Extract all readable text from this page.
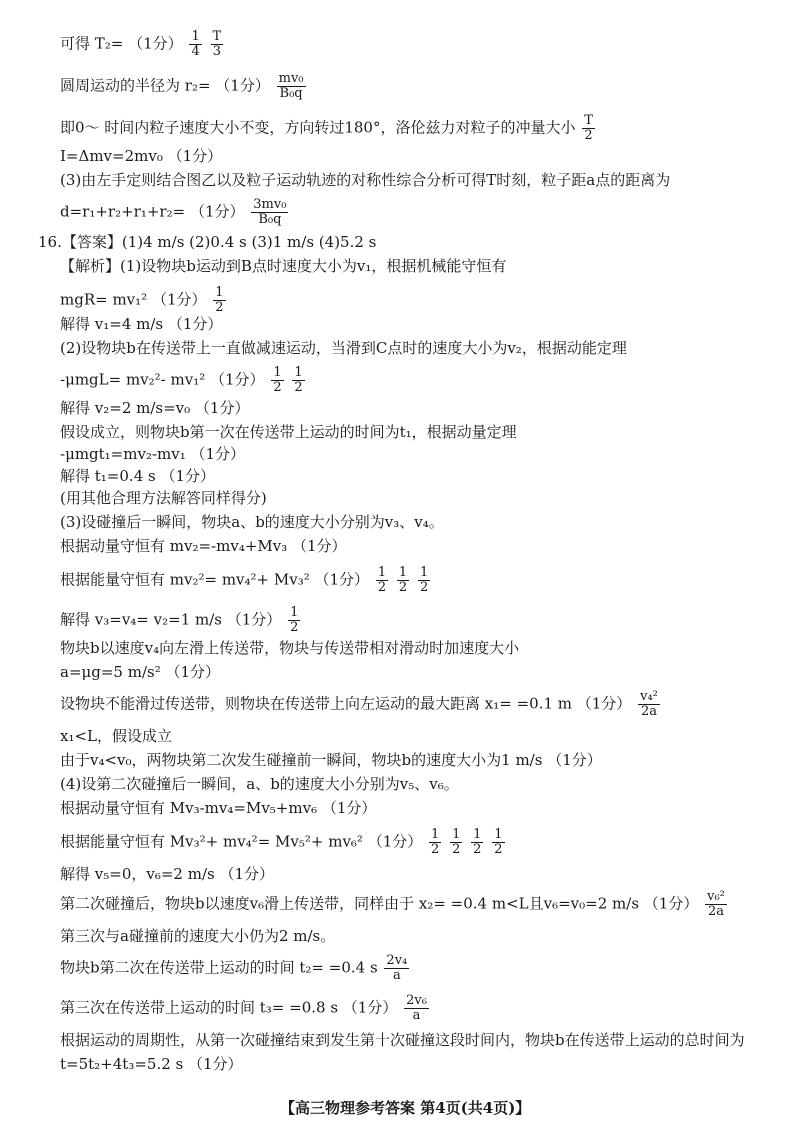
可得 T₂= （1分） $\frac{1}{4}$
$\frac{T}{3}$
圆周运动的半径为 r₂= （1分） $\frac{\text{mv₀}}{\text{B₀q}}$
即0～ 时间内粒子速度大小不变，方向转过180°，洛伦兹力对粒子的冲量大小 $\frac{T}{2}$
I=Δmv=2mv₀ （1分）
(3)由左手定则结合图乙以及粒子运动轨迹的对称性综合分析可得T时刻，粒子距a点的距离为
d=r₁+r₂+r₁+r₂= （1分） $\frac{\text{3mv₀}}{\text{B₀q}}$
16.【答案】(1)4 m/s (2)0.4 s (3)1 m/s (4)5.2 s
【解析】(1)设物块b运动到B点时速度大小为v₁，根据机械能守恒有
mgR= mv₁² （1分） $\frac{1}{2}$
解得 v₁=4 m/s （1分）
(2)设物块b在传送带上一直做减速运动，当滑到C点时的速度大小为v₂，根据动能定理
-μmgL= mv₂²- mv₁² （1分） $\frac{1}{2}$
$\frac{1}{2}$
解得 v₂=2 m/s=v₀ （1分）
假设成立，则物块b第一次在传送带上运动的时间为t₁，根据动量定理
-μmgt₁=mv₂-mv₁ （1分）
解得 t₁=0.4 s （1分）
(用其他合理方法解答同样得分)
(3)设碰撞后一瞬间，物块a、b的速度大小分别为v₃、v₄。
根据动量守恒有 mv₂=-mv₄+Mv₃ （1分）
根据能量守恒有 mv₂²= mv₄²+ Mv₃² （1分） $\frac{1}{2}$
$\frac{1}{2}$
$\frac{1}{2}$
解得 v₃=v₄= v₂=1 m/s （1分） $\frac{1}{2}$
物块b以速度v₄向左滑上传送带，物块与传送带相对滑动时加速度大小
a=μg=5 m/s² （1分）
设物块不能滑过传送带，则物块在传送带上向左运动的最大距离 x₁= =0.1 m （1分） $\frac{\text{v₄²}}{2a}$
x₁<L，假设成立
由于v₄<v₀，两物块第二次发生碰撞前一瞬间，物块b的速度大小为1 m/s （1分）
(4)设第二次碰撞后一瞬间，a、b的速度大小分别为v₅、v₆。
根据动量守恒有 Mv₃-mv₄=Mv₅+mv₆ （1分）
根据能量守恒有 Mv₃²+ mv₄²= Mv₅²+ mv₆² （1分） $\frac{1}{2}$
$\frac{1}{2}$
$\frac{1}{2}$
$\frac{1}{2}$
解得 v₅=0，v₆=2 m/s （1分）
第二次碰撞后，物块b以速度v₆滑上传送带，同样由于 x₂= =0.4 m<L且v₆=v₀=2 m/s （1分） $\frac{\text{v₆²}}{2a}$
第三次与a碰撞前的速度大小仍为2 m/s。
物块b第二次在传送带上运动的时间 t₂= =0.4 s $\frac{\text{2v₄}}{a}$
第三次在传送带上运动的时间 t₃= =0.8 s （1分） $\frac{\text{2v₆}}{a}$
根据运动的周期性，从第一次碰撞结束到发生第十次碰撞这段时间内，物块b在传送带上运动的总时间为
t=5t₂+4t₃=5.2 s （1分）
【高三物理参考答案 第4页(共4页)】
